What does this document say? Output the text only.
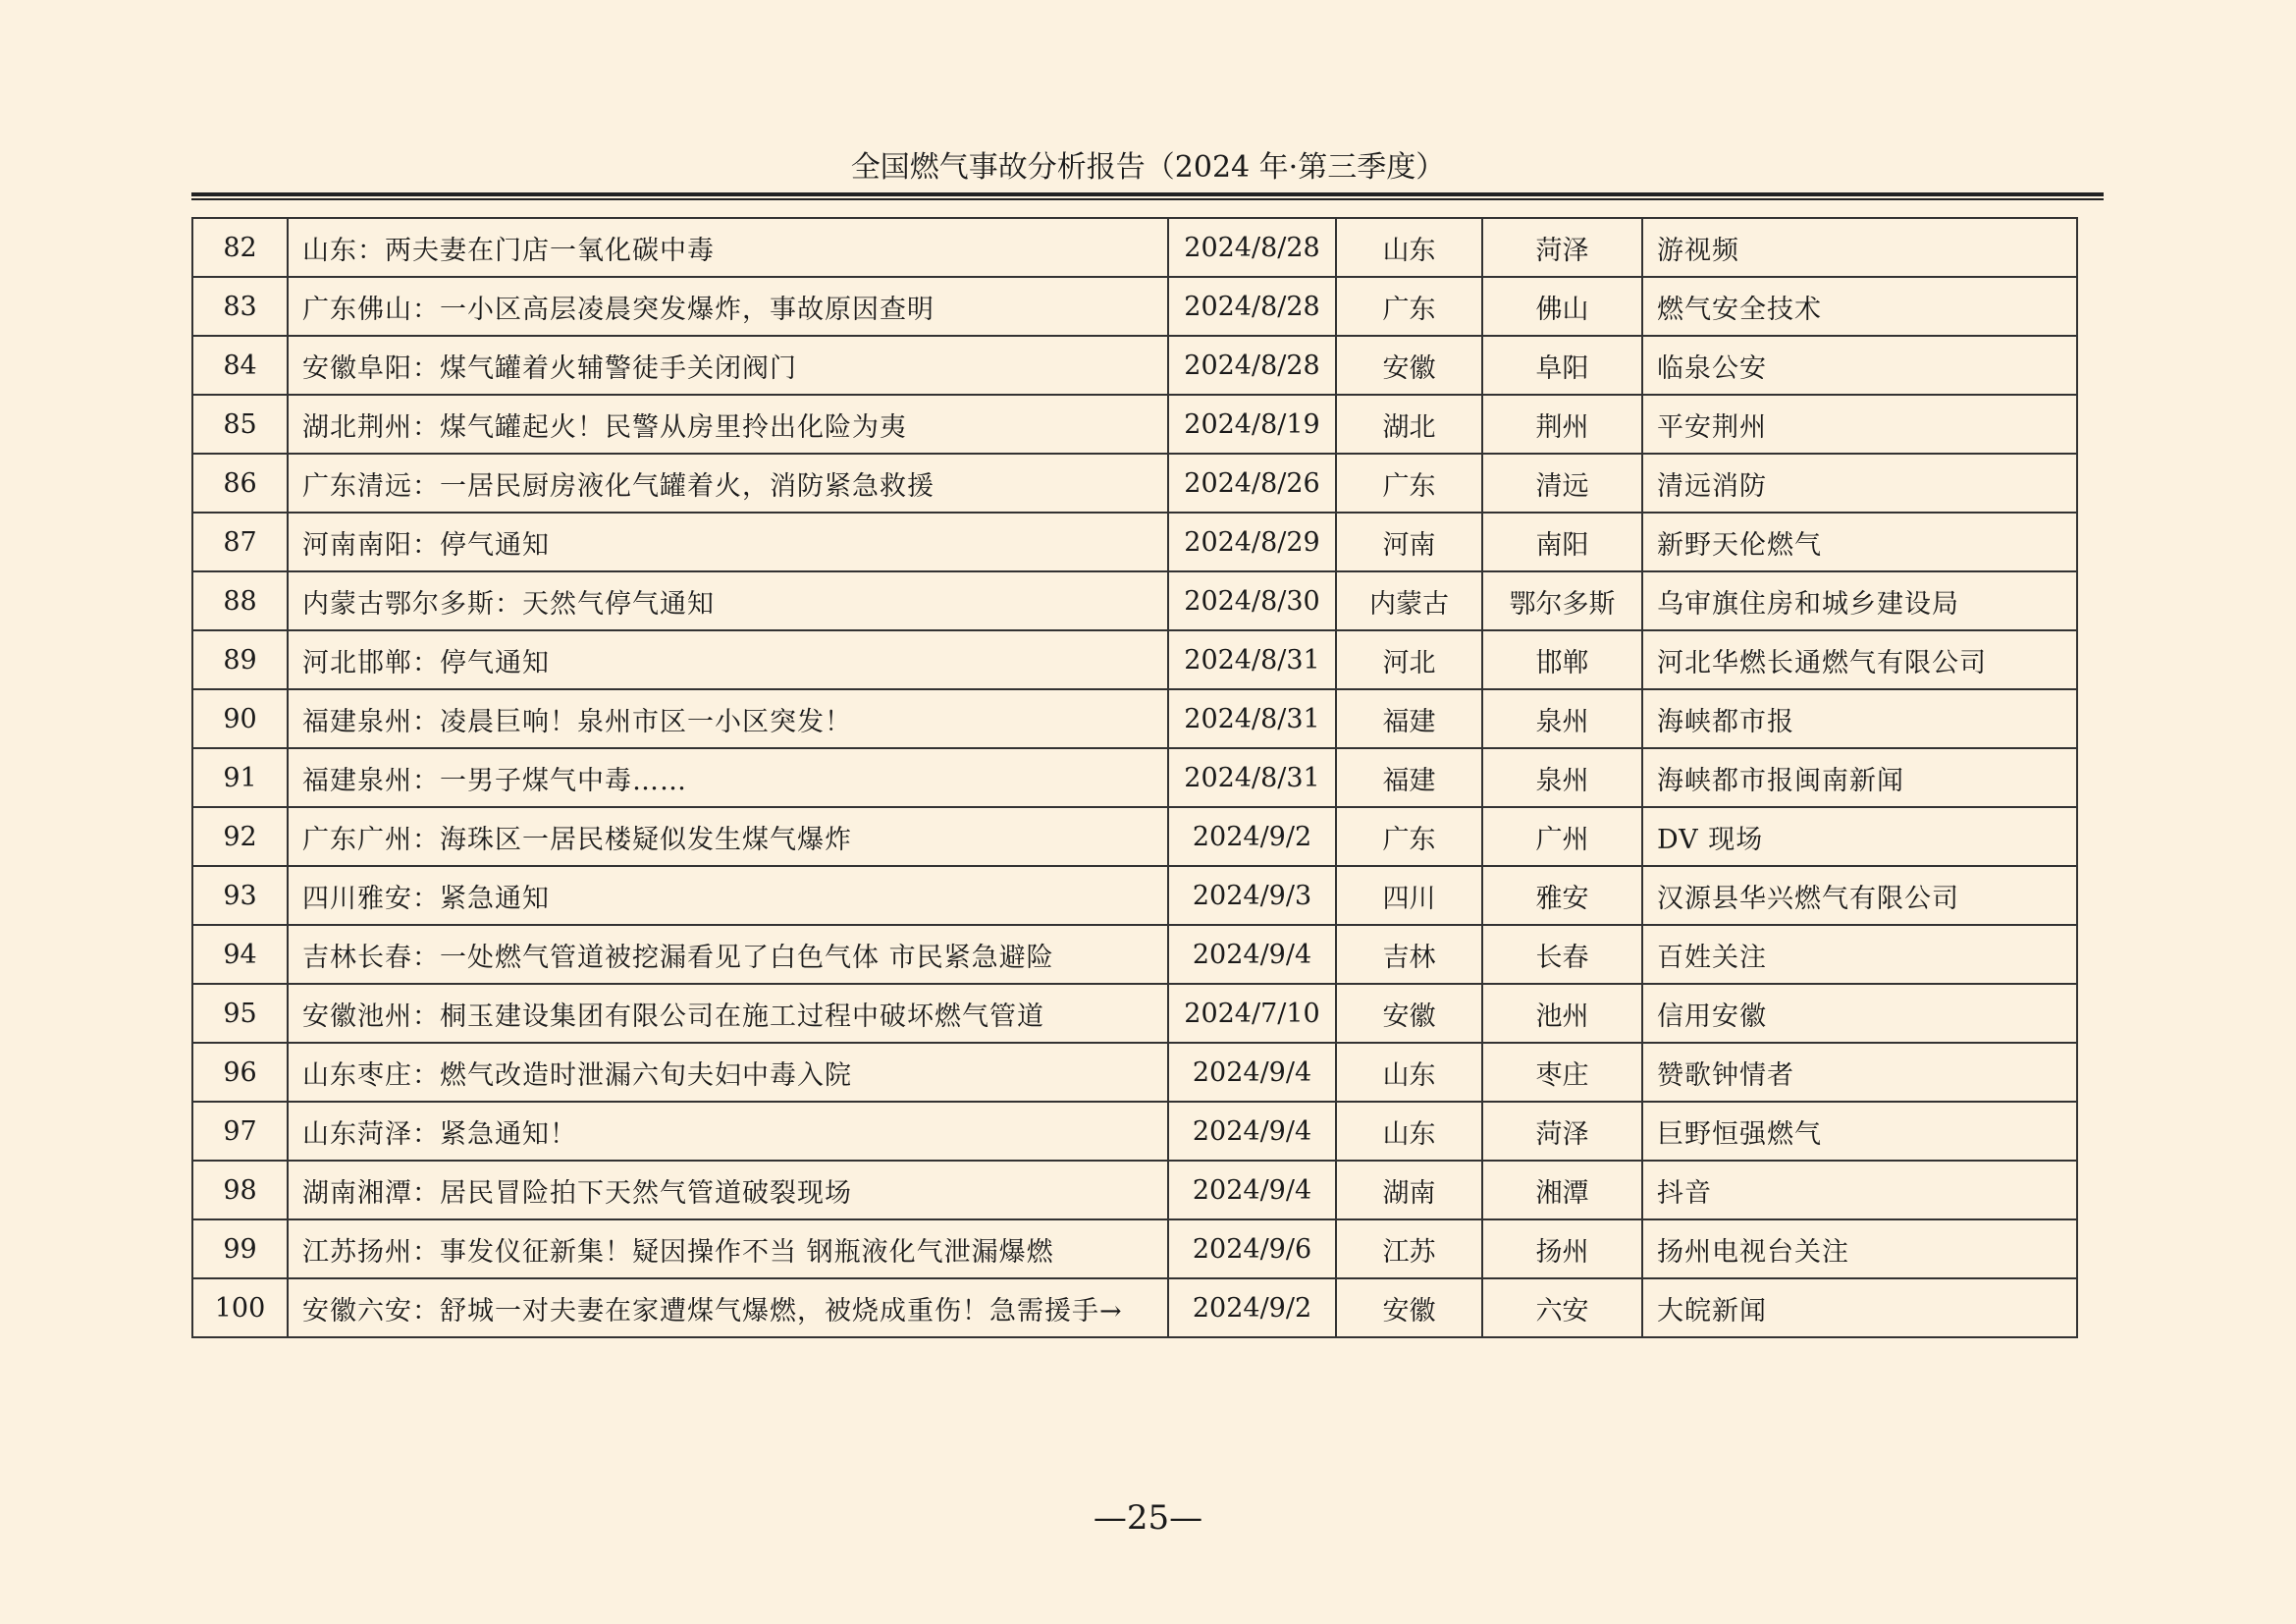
全国燃气事故分析报告（2024 年·第三季度）
82	山东：两夫妻在门店一氧化碳中毒	2024/8/28	山东	菏泽	游视频
83	广东佛山：一小区高层凌晨突发爆炸，事故原因查明	2024/8/28	广东	佛山	燃气安全技术
84	安徽阜阳：煤气罐着火辅警徒手关闭阀门	2024/8/28	安徽	阜阳	临泉公安
85	湖北荆州：煤气罐起火！民警从房里拎出化险为夷	2024/8/19	湖北	荆州	平安荆州
86	广东清远：一居民厨房液化气罐着火，消防紧急救援	2024/8/26	广东	清远	清远消防
87	河南南阳：停气通知	2024/8/29	河南	南阳	新野天伦燃气
88	内蒙古鄂尔多斯：天然气停气通知	2024/8/30	内蒙古	鄂尔多斯	乌审旗住房和城乡建设局
89	河北邯郸：停气通知	2024/8/31	河北	邯郸	河北华燃长通燃气有限公司
90	福建泉州：凌晨巨响！泉州市区一小区突发！	2024/8/31	福建	泉州	海峡都市报
91	福建泉州：一男子煤气中毒……	2024/8/31	福建	泉州	海峡都市报闽南新闻
92	广东广州：海珠区一居民楼疑似发生煤气爆炸	2024/9/2	广东	广州	DV 现场
93	四川雅安：紧急通知	2024/9/3	四川	雅安	汉源县华兴燃气有限公司
94	吉林长春：一处燃气管道被挖漏看见了白色气体 市民紧急避险	2024/9/4	吉林	长春	百姓关注
95	安徽池州：桐玉建设集团有限公司在施工过程中破坏燃气管道	2024/7/10	安徽	池州	信用安徽
96	山东枣庄：燃气改造时泄漏六旬夫妇中毒入院	2024/9/4	山东	枣庄	赞歌钟情者
97	山东菏泽：紧急通知！	2024/9/4	山东	菏泽	巨野恒强燃气
98	湖南湘潭：居民冒险拍下天然气管道破裂现场	2024/9/4	湖南	湘潭	抖音
99	江苏扬州：事发仪征新集！疑因操作不当 钢瓶液化气泄漏爆燃	2024/9/6	江苏	扬州	扬州电视台关注
100	安徽六安：舒城一对夫妻在家遭煤气爆燃，被烧成重伤！急需援手→	2024/9/2	安徽	六安	大皖新闻
—25—
